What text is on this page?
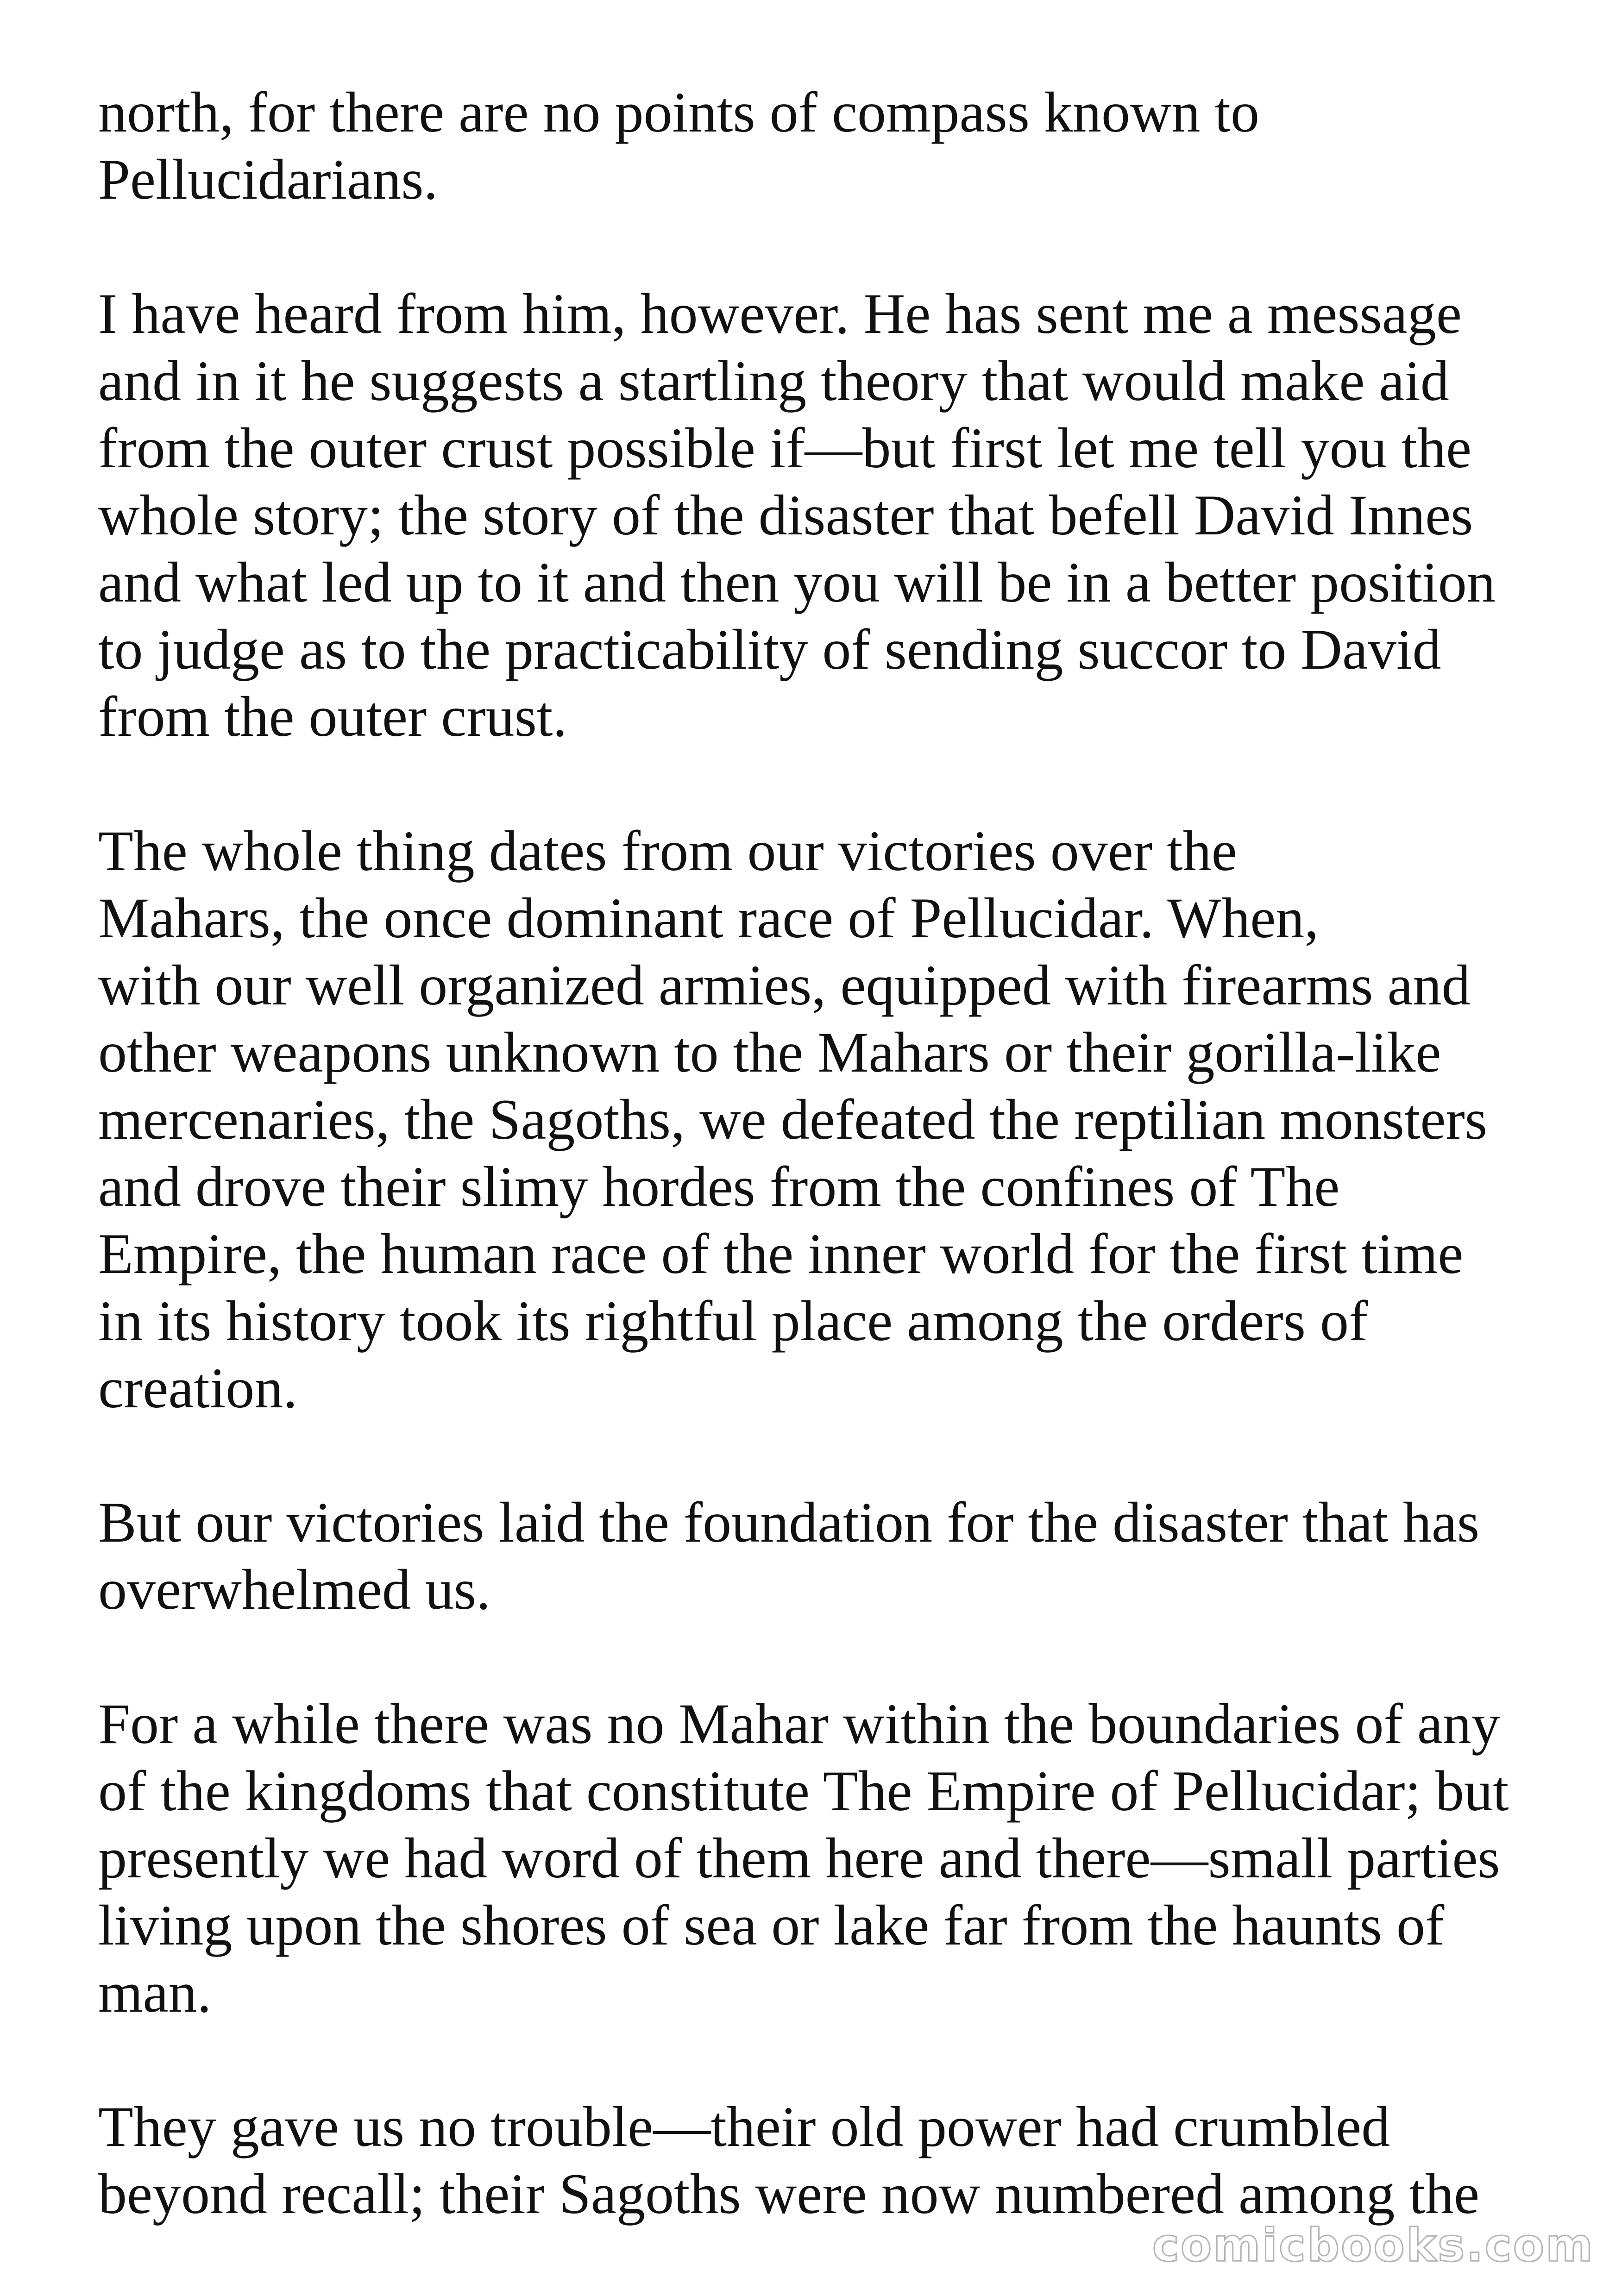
north, for there are no points of compass known to
Pellucidarians.

I have heard from him, however. He has sent me a message
and in it he suggests a startling theory that would make aid
from the outer crust possible if—but first let me tell you the
whole story; the story of the disaster that befell David Innes
and what led up to it and then you will be in a better position
to judge as to the practicability of sending succor to David
from the outer crust.

The whole thing dates from our victories over the
Mahars, the once dominant race of Pellucidar. When,
with our well organized armies, equipped with firearms and
other weapons unknown to the Mahars or their gorilla-like
mercenaries, the Sagoths, we defeated the reptilian monsters
and drove their slimy hordes from the confines of The
Empire, the human race of the inner world for the first time
in its history took its rightful place among the orders of
creation.

But our victories laid the foundation for the disaster that has
overwhelmed us.

For a while there was no Mahar within the boundaries of any
of the kingdoms that constitute The Empire of Pellucidar; but
presently we had word of them here and there—small parties
living upon the shores of sea or lake far from the haunts of
man.

They gave us no trouble—their old power had crumbled
beyond recall; their Sagoths were now numbered among the

comicbooks.com
